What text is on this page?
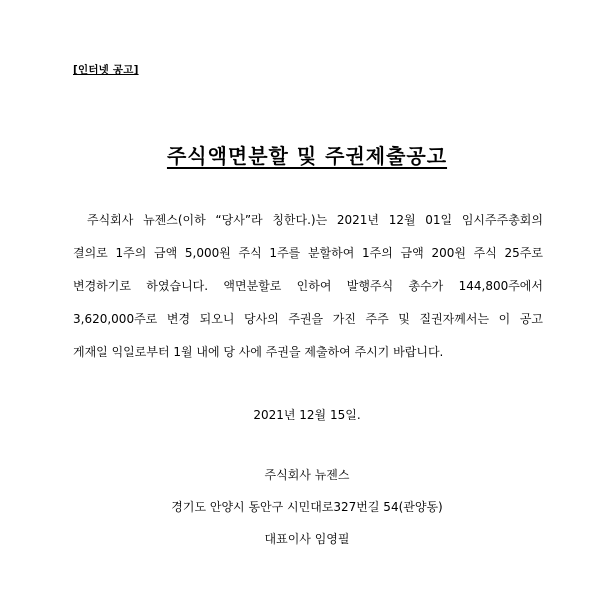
[인터넷 공고]
주식액면분할 및 주권제출공고
주식회사 뉴젠스(이하 “당사”라 칭한다.)는 2021년 12월 01일 임시주주총회의
결의로 1주의 금액 5,000원 주식 1주를 분할하여 1주의 금액 200원 주식 25주로
변경하기로 하였습니다. 액면분할로 인하여 발행주식 총수가 144,800주에서
3,620,000주로 변경 되오니 당사의 주권을 가진 주주 및 질권자께서는 이 공고
게재일 익일로부터 1월 내에 당 사에 주권을 제출하여 주시기 바랍니다.
2021년 12월 15일.
주식회사 뉴젠스
경기도 안양시 동안구 시민대로327번길 54(관양동)
대표이사 임영필
